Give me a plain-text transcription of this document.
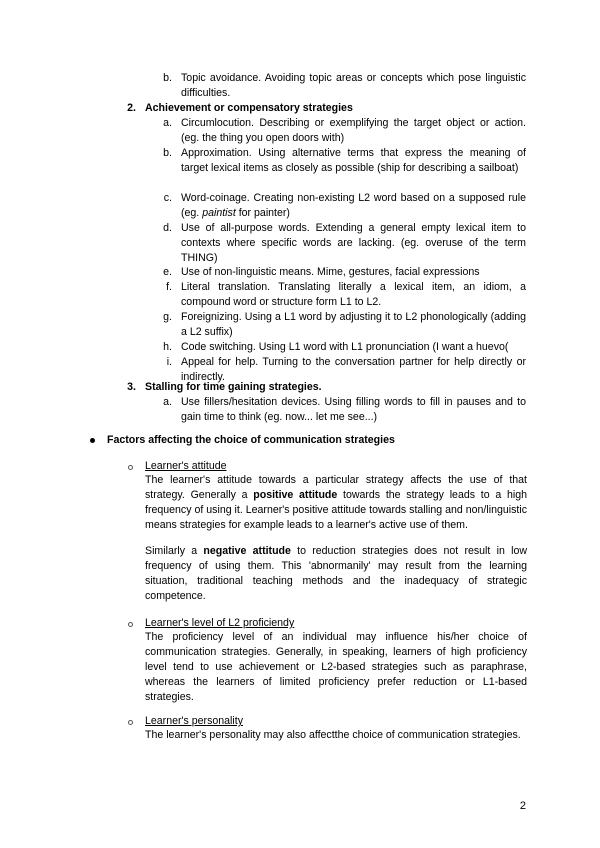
b. Topic avoidance. Avoiding topic areas or concepts which pose linguistic difficulties.
2. Achievement or compensatory strategies
a. Circumlocution. Describing or exemplifying the target object or action. (eg. the thing you open doors with)
b. Approximation. Using alternative terms that express the meaning of target lexical items as closely as possible (ship for describing a sailboat)
c. Word-coinage. Creating non-existing L2 word based on a supposed rule (eg. paintist for painter)
d. Use of all-purpose words. Extending a general empty lexical item to contexts where specific words are lacking. (eg. overuse of the term THING)
e. Use of non-linguistic means. Mime, gestures, facial expressions
f. Literal translation. Translating literally a lexical item, an idiom, a compound word or structure form L1 to L2.
g. Foreignizing. Using a L1 word by adjusting it to L2 phonologically (adding a L2 suffix)
h. Code switching. Using L1 word with L1 pronunciation (I want a huevo(
i. Appeal for help. Turning to the conversation partner for help directly or indirectly.
3. Stalling for time gaining strategies.
a. Use fillers/hesitation devices. Using filling words to fill in pauses and to gain time to think (eg. now... let me see...)
Factors affecting the choice of communication strategies
Learner's attitude
The learner's attitude towards a particular strategy affects the use of that strategy. Generally a positive attitude towards the strategy leads to a high frequency of using it. Learner's positive attitude towards stalling and non/linguistic means strategies for example leads to a learner's active use of them.
Similarly a negative attitude to reduction strategies does not result in low frequency of using them. This 'abnormanily' may result from the learning situation, traditional teaching methods and the inadequacy of strategic competence.
Learner's level of L2 proficiendy
The proficiency level of an individual may influence his/her choice of communication strategies. Generally, in speaking, learners of high proficiency level tend to use achievement or L2-based strategies such as paraphrase, whereas the learners of limited proficiency prefer reduction or L1-based strategies.
Learner's personality
The learner's personality may also affectthe choice of communication strategies.
2
